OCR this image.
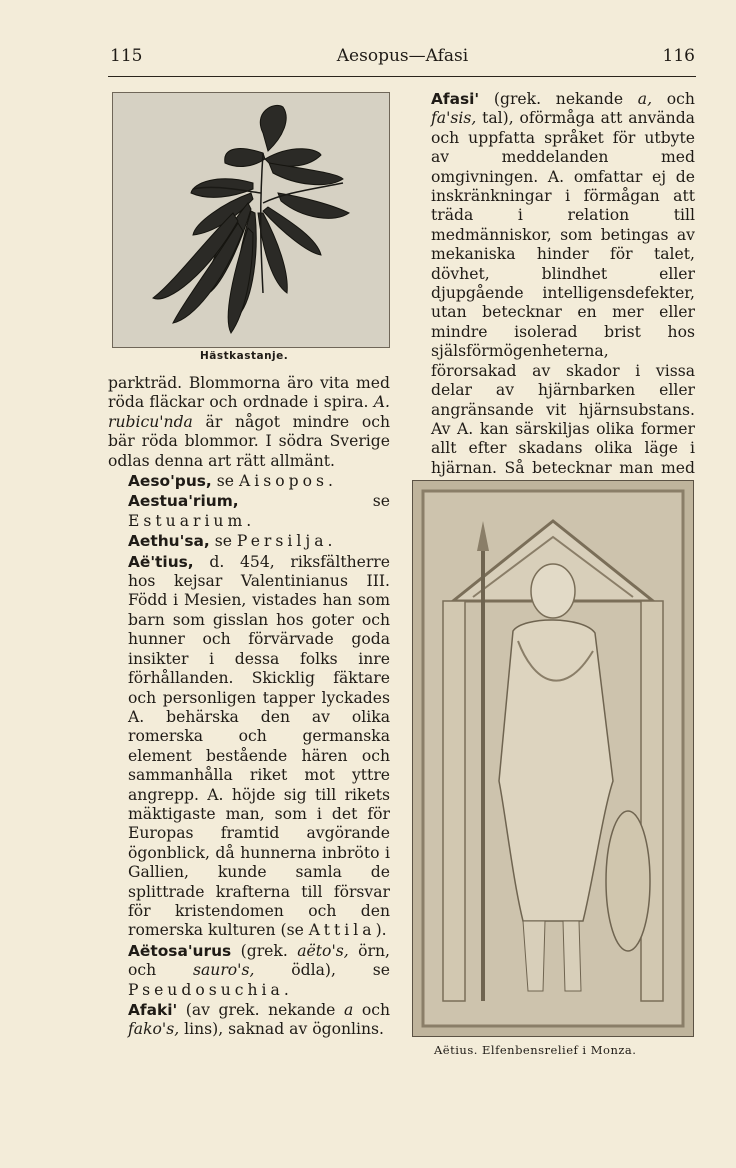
115	Aesopus—Afasi	116
Hästkastanje.

parkträd. Blommorna äro vita med röda fläckar och ordnade i spira. A. rubicu'nda är något mindre och bär röda blommor. I södra Sverige odlas denna art rätt allmänt.

Aeso'pus, se Aisopos.

Aestua'rium,	se Estuarium.

Aethu'sa, se Persilja.

Aë'tius, d. 454, riksfältherre hos kejsar Valentinianus III. Född i Mesien, vistades han som barn som gisslan hos goter och hunner och förvärvade goda insikter i dessa folks inre förhållanden. Skicklig fäktare och personligen tapper lyckades A. behärska den av olika romerska och germanska element bestående hären och sammanhålla riket mot yttre angrepp. A. höjde sig till rikets mäktigaste man, som i det för Europas framtid avgörande ögonblick, då hunnerna inbröto i Gallien, kunde samla de splittrade krafterna till försvar för kristendomen och den romerska kulturen (se Attila).

Aëtosa'urus (grek. aëto's, örn, och sauro's, ödla), se Pseudosuchia.

Afaki' (av grek. nekande a och fako's, lins), saknad av ögonlins.

Afasi' (grek. nekande a, och fa'sis, tal), oförmåga att använda och uppfatta språket för utbyte av meddelanden med omgivningen. A. omfattar ej de inskränkningar i förmågan att träda i relation till medmänniskor, som betingas av mekaniska hinder för talet, dövhet, blindhet eller djupgående intelligensdefekter, utan betecknar en mer eller mindre isolerad brist hos själsförmögenheterna, förorsakad av skador i vissa delar av hjärnbarken eller angränsande vit hjärnsubstans. Av A. kan särskiljas olika former allt efter skadans olika läge i hjärnan. Så betecknar man med

Aëtius. Elfenbensrelief i Monza.
